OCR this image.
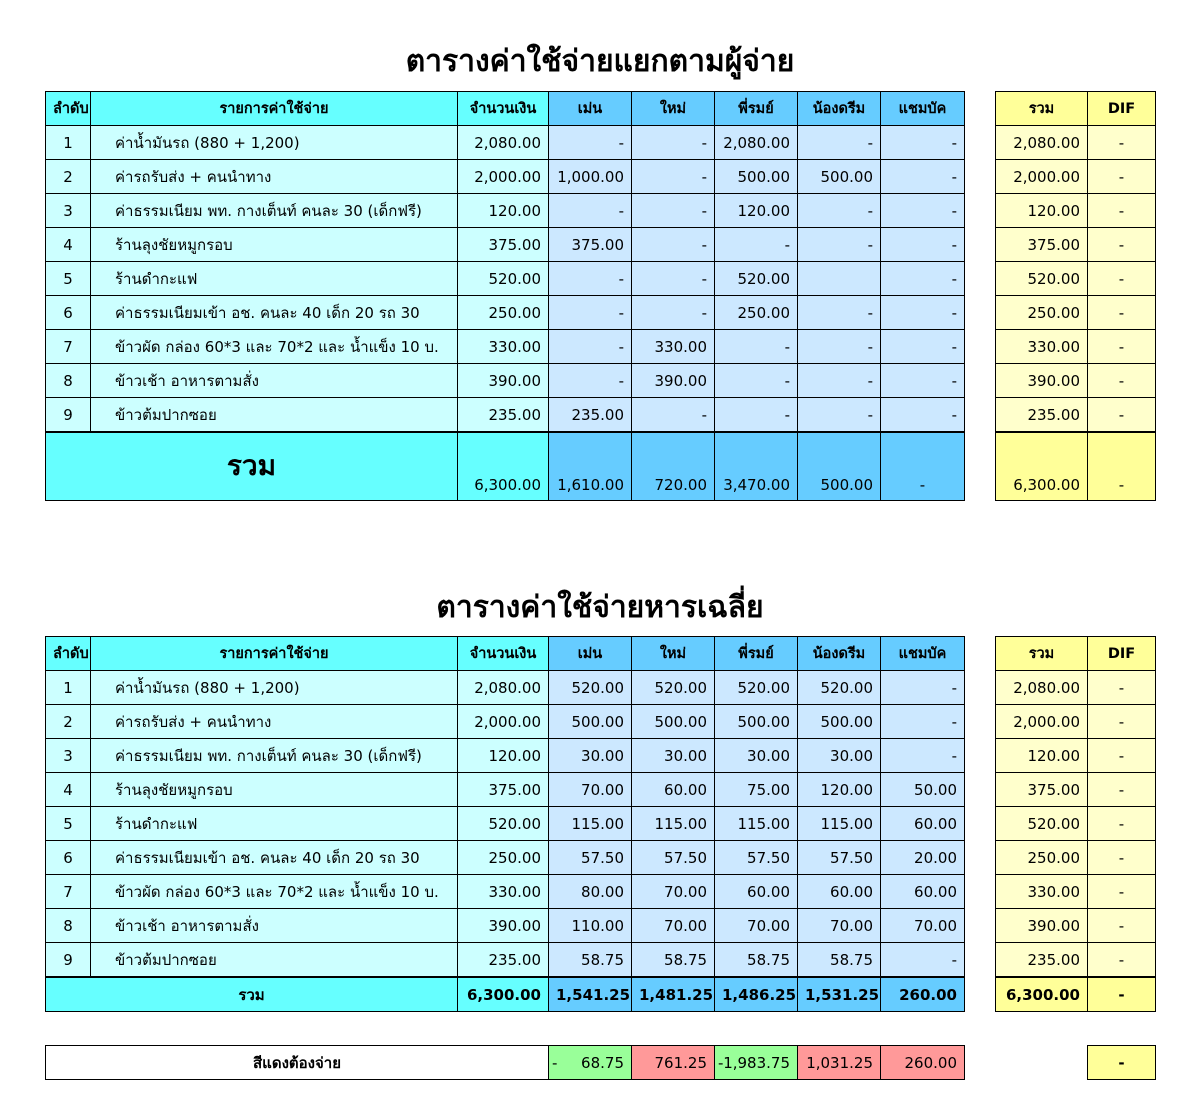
ตารางค่าใช้จ่ายแยกตามผู้จ่าย
ตารางค่าใช้จ่ายหารเฉลี่ย
ลำดับ	รายการค่าใช้จ่าย	จำนวนเงิน	เม่น	ใหม่	พี่รมย์	น้องดรีม	แชมบัค
1	ค่าน้ำมันรถ (880 + 1,200)	2,080.00	-	-	2,080.00	-	-
2	ค่ารถรับส่ง + คนนำทาง	2,000.00	1,000.00	-	500.00	500.00	-
3	ค่าธรรมเนียม พท. กางเต็นท์ คนละ 30 (เด็กฟรี)	120.00	-	-	120.00	-	-
4	ร้านลุงชัยหมูกรอบ	375.00	375.00	-	-	-	-
5	ร้านดำกะแฟ	520.00	-	-	520.00		-
6	ค่าธรรมเนียมเข้า อช. คนละ 40 เด็ก 20 รถ 30	250.00	-	-	250.00	-	-
7	ข้าวผัด กล่อง 60*3 และ 70*2 และ น้ำแข็ง 10 บ.	330.00	-	330.00	-	-	-
8	ข้าวเช้า อาหารตามสั่ง	390.00	-	390.00	-	-	-
9	ข้าวต้มปากซอย	235.00	235.00	-	-	-	-
รวม		6,300.00	1,610.00	720.00	3,470.00	500.00	-
รวม	DIF
2,080.00	-
2,000.00	-
120.00	-
375.00	-
520.00	-
250.00	-
330.00	-
390.00	-
235.00	-
6,300.00	-
ลำดับ	รายการค่าใช้จ่าย	จำนวนเงิน	เม่น	ใหม่	พี่รมย์	น้องดรีม	แชมบัค
1	ค่าน้ำมันรถ (880 + 1,200)	2,080.00	520.00	520.00	520.00	520.00	-
2	ค่ารถรับส่ง + คนนำทาง	2,000.00	500.00	500.00	500.00	500.00	-
3	ค่าธรรมเนียม พท. กางเต็นท์ คนละ 30 (เด็กฟรี)	120.00	30.00	30.00	30.00	30.00	-
4	ร้านลุงชัยหมูกรอบ	375.00	70.00	60.00	75.00	120.00	50.00
5	ร้านดำกะแฟ	520.00	115.00	115.00	115.00	115.00	60.00
6	ค่าธรรมเนียมเข้า อช. คนละ 40 เด็ก 20 รถ 30	250.00	57.50	57.50	57.50	57.50	20.00
7	ข้าวผัด กล่อง 60*3 และ 70*2 และ น้ำแข็ง 10 บ.	330.00	80.00	70.00	60.00	60.00	60.00
8	ข้าวเช้า อาหารตามสั่ง	390.00	110.00	70.00	70.00	70.00	70.00
9	ข้าวต้มปากซอย	235.00	58.75	58.75	58.75	58.75	-
รวม		6,300.00	1,541.25	1,481.25	1,486.25	1,531.25	260.00
รวม	DIF
2,080.00	-
2,000.00	-
120.00	-
375.00	-
520.00	-
250.00	-
330.00	-
390.00	-
235.00	-
6,300.00	-
สีแดงต้องจ่าย	- 68.75	761.25	- 1,983.75	1,031.25	260.00	-
